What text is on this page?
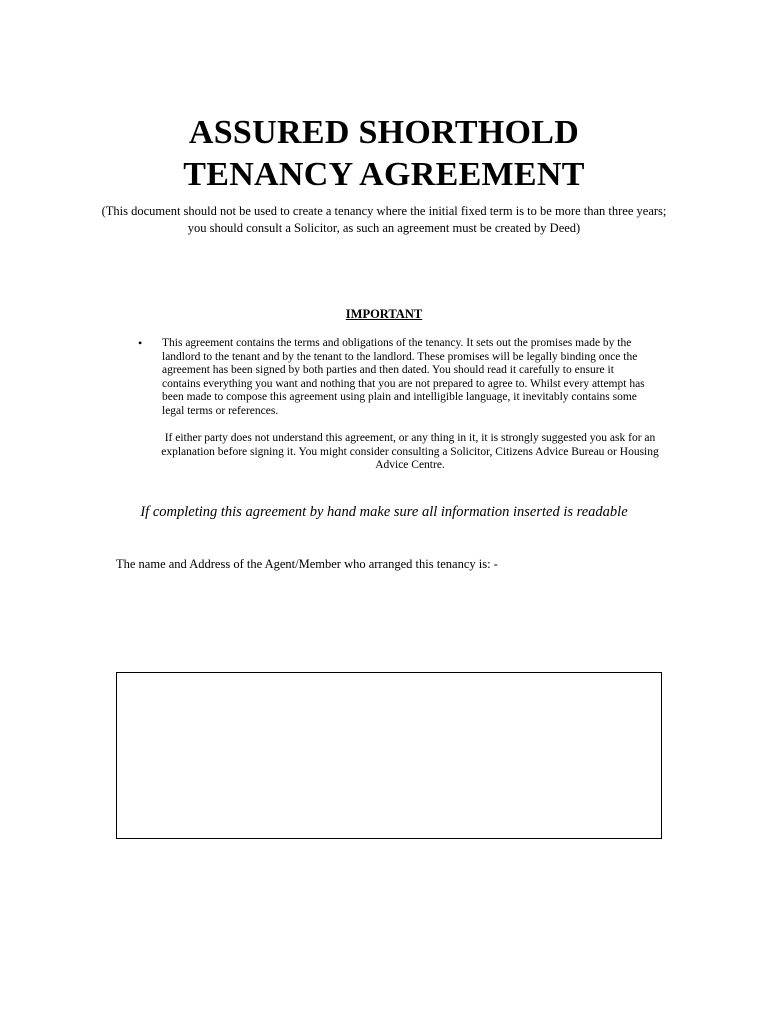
ASSURED SHORTHOLD
TENANCY AGREEMENT
(This document should not be used to create a tenancy where the initial fixed term is to be more than three years; you should consult a Solicitor, as such an agreement must be created by Deed)
IMPORTANT
• This agreement contains the terms and obligations of the tenancy. It sets out the promises made by the landlord to the tenant and by the tenant to the landlord. These promises will be legally binding once the agreement has been signed by both parties and then dated. You should read it carefully to ensure it contains everything you want and nothing that you are not prepared to agree to. Whilst every attempt has been made to compose this agreement using plain and intelligible language, it inevitably contains some legal terms or references.
If either party does not understand this agreement, or any thing in it, it is strongly suggested you ask for an explanation before signing it. You might consider consulting a Solicitor, Citizens Advice Bureau or Housing Advice Centre.
If completing this agreement by hand make sure all information inserted is readable
The name and Address of the Agent/Member who arranged this tenancy is: -
